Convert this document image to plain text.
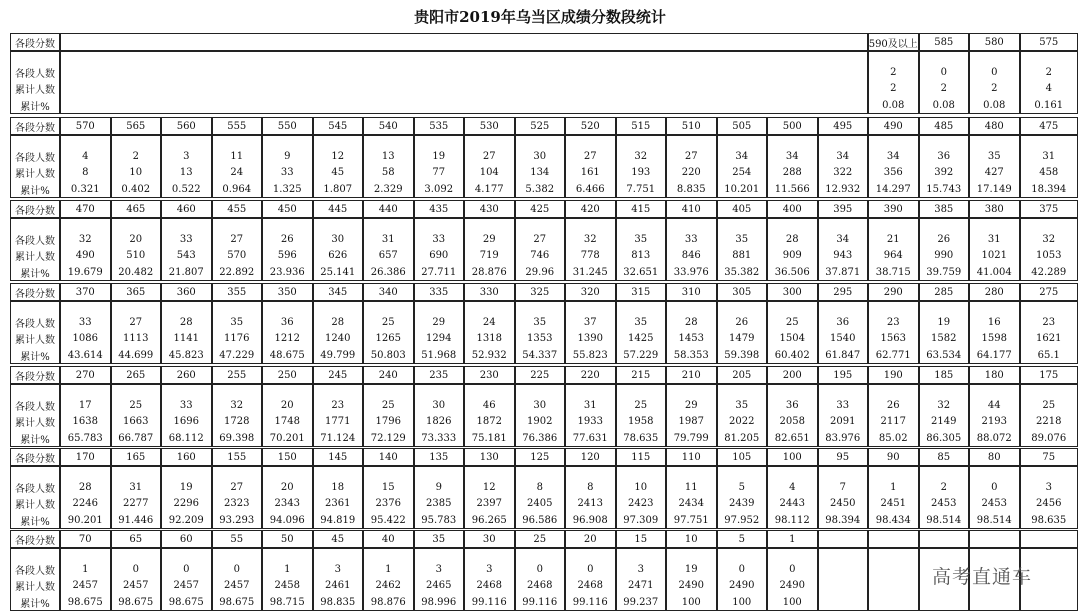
贵阳市2019年乌当区成绩分数段统计
各段分数
各段人数
累计人数
累计%
590及以上
2
2
0.08
585
0
2
0.08
580
0
2
0.08
575
2
4
0.161
各段分数
各段人数
累计人数
累计%
570
4
8
0.321
565
2
10
0.402
560
3
13
0.522
555
11
24
0.964
550
9
33
1.325
545
12
45
1.807
540
13
58
2.329
535
19
77
3.092
530
27
104
4.177
525
30
134
5.382
520
27
161
6.466
515
32
193
7.751
510
27
220
8.835
505
34
254
10.201
500
34
288
11.566
495
34
322
12.932
490
34
356
14.297
485
36
392
15.743
480
35
427
17.149
475
31
458
18.394
各段分数
各段人数
累计人数
累计%
470
32
490
19.679
465
20
510
20.482
460
33
543
21.807
455
27
570
22.892
450
26
596
23.936
445
30
626
25.141
440
31
657
26.386
435
33
690
27.711
430
29
719
28.876
425
27
746
29.96
420
32
778
31.245
415
35
813
32.651
410
33
846
33.976
405
35
881
35.382
400
28
909
36.506
395
34
943
37.871
390
21
964
38.715
385
26
990
39.759
380
31
1021
41.004
375
32
1053
42.289
各段分数
各段人数
累计人数
累计%
370
33
1086
43.614
365
27
1113
44.699
360
28
1141
45.823
355
35
1176
47.229
350
36
1212
48.675
345
28
1240
49.799
340
25
1265
50.803
335
29
1294
51.968
330
24
1318
52.932
325
35
1353
54.337
320
37
1390
55.823
315
35
1425
57.229
310
28
1453
58.353
305
26
1479
59.398
300
25
1504
60.402
295
36
1540
61.847
290
23
1563
62.771
285
19
1582
63.534
280
16
1598
64.177
275
23
1621
65.1
各段分数
各段人数
累计人数
累计%
270
17
1638
65.783
265
25
1663
66.787
260
33
1696
68.112
255
32
1728
69.398
250
20
1748
70.201
245
23
1771
71.124
240
25
1796
72.129
235
30
1826
73.333
230
46
1872
75.181
225
30
1902
76.386
220
31
1933
77.631
215
25
1958
78.635
210
29
1987
79.799
205
35
2022
81.205
200
36
2058
82.651
195
33
2091
83.976
190
26
2117
85.02
185
32
2149
86.305
180
44
2193
88.072
175
25
2218
89.076
各段分数
各段人数
累计人数
累计%
170
28
2246
90.201
165
31
2277
91.446
160
19
2296
92.209
155
27
2323
93.293
150
20
2343
94.096
145
18
2361
94.819
140
15
2376
95.422
135
9
2385
95.783
130
12
2397
96.265
125
8
2405
96.586
120
8
2413
96.908
115
10
2423
97.309
110
11
2434
97.751
105
5
2439
97.952
100
4
2443
98.112
95
7
2450
98.394
90
1
2451
98.434
85
2
2453
98.514
80
0
2453
98.514
75
3
2456
98.635
各段分数
各段人数
累计人数
累计%
70
1
2457
98.675
65
0
2457
98.675
60
0
2457
98.675
55
0
2457
98.675
50
1
2458
98.715
45
3
2461
98.835
40
1
2462
98.876
35
3
2465
98.996
30
3
2468
99.116
25
0
2468
99.116
20
0
2468
99.116
15
3
2471
99.237
10
19
2490
100
5
0
2490
100
1
0
2490
100
高考直通车
